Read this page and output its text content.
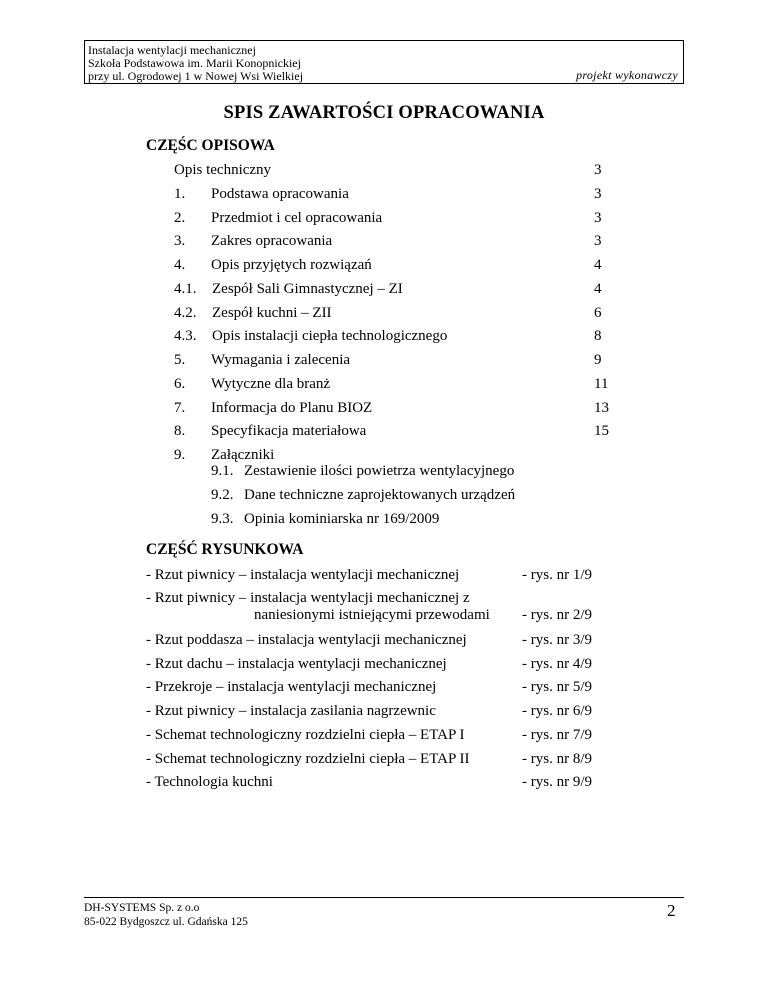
Instalacja wentylacji mechanicznej
Szkoła Podstawowa im. Marii Konopnickiej
przy ul. Ogrodowej 1 w Nowej Wsi Wielkiej	projekt wykonawczy
SPIS ZAWARTOŚCI OPRACOWANIA
CZĘŚC OPISOWA
Opis techniczny	3
1. Podstawa opracowania	3
2. Przedmiot i cel opracowania	3
3. Zakres opracowania	3
4. Opis przyjętych rozwiązań	4
4.1. Zespół Sali Gimnastycznej – ZI	4
4.2. Zespół kuchni – ZII	6
4.3. Opis instalacji ciepła technologicznego	8
5. Wymagania i zalecenia	9
6. Wytyczne dla branż	11
7. Informacja do Planu BIOZ	13
8. Specyfikacja materiałowa	15
9. Załączniki
9.1. Zestawienie ilości powietrza wentylacyjnego
9.2. Dane techniczne zaprojektowanych urządzeń
9.3. Opinia kominiarska nr 169/2009
CZĘŚĆ RYSUNKOWA
- Rzut piwnicy – instalacja wentylacji mechanicznej	- rys. nr 1/9
- Rzut piwnicy – instalacja wentylacji mechanicznej z
naniesionymi istniejącymi przewodami - rys. nr 2/9
- Rzut poddasza – instalacja wentylacji mechanicznej	- rys. nr 3/9
- Rzut dachu – instalacja wentylacji mechanicznej	- rys. nr 4/9
- Przekroje – instalacja wentylacji mechanicznej	- rys. nr 5/9
- Rzut piwnicy – instalacja zasilania nagrzewnic	- rys. nr 6/9
- Schemat technologiczny rozdzielni ciepła – ETAP I	- rys. nr 7/9
- Schemat technologiczny rozdzielni ciepła – ETAP II	- rys. nr 8/9
- Technologia kuchni	- rys. nr 9/9
DH-SYSTEMS Sp. z o.o
85-022 Bydgoszcz ul. Gdańska 125
2
